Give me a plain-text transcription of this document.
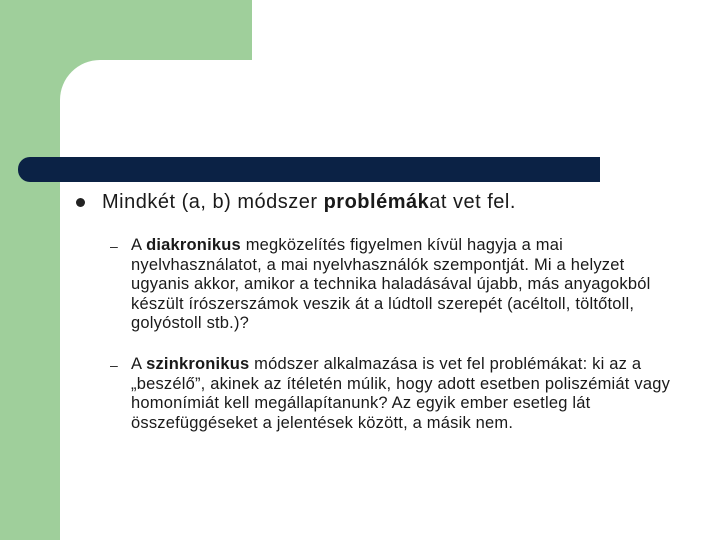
Mindkét (a, b) módszer problémákat vet fel.
– A diakronikus megközelítés figyelmen kívül hagyja a mai nyelvhasználatot, a mai nyelvhasználók szempontját. Mi a helyzet ugyanis akkor, amikor a technika haladásával újabb, más anyagokból készült írószerszámok veszik át a lúdtoll szerepét (acéltoll, töltőtoll, golyóstoll stb.)?
– A szinkronikus módszer alkalmazása is vet fel problémákat: ki az a „beszélő”, akinek az ítéletén múlik, hogy adott esetben poliszémiát vagy homonímiát kell megállapítanunk? Az egyik ember esetleg lát összefüggéseket a jelentések között, a másik nem.
